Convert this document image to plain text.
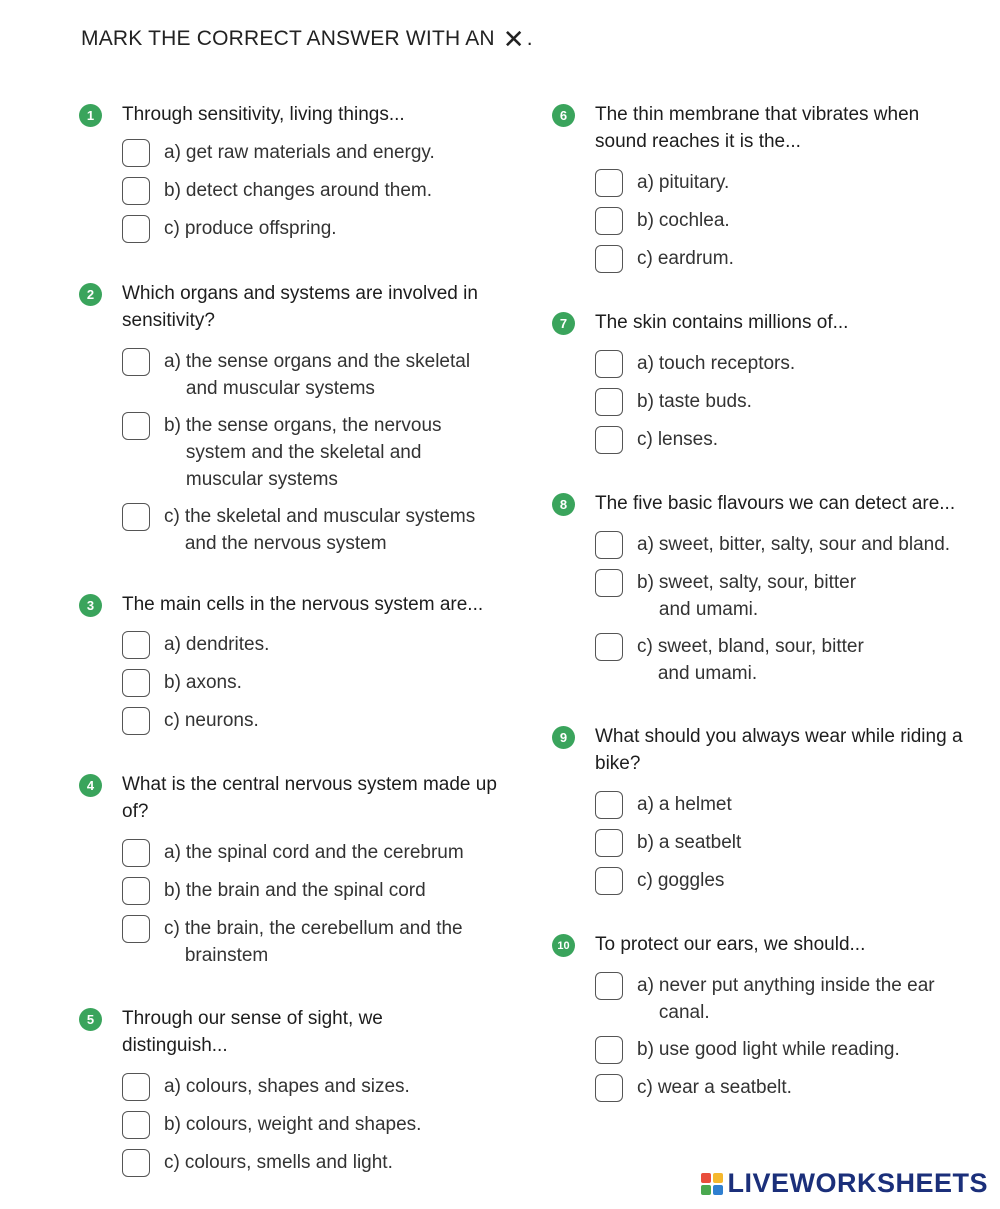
MARK THE CORRECT ANSWER WITH AN ✕ .
1	Through sensitivity, living things...
a) get raw materials and energy.
b) detect changes around them.
c) produce offspring.
2	Which organs and systems are involved in sensitivity?
a) the sense organs and the skeletal and muscular systems
b) the sense organs, the nervous system and the skeletal and muscular systems
c) the skeletal and muscular systems and the nervous system
3	The main cells in the nervous system are...
a) dendrites.
b) axons.
c) neurons.
4	What is the central nervous system made up of?
a) the spinal cord and the cerebrum
b) the brain and the spinal cord
c) the brain, the cerebellum and the brainstem
5	Through our sense of sight, we distinguish...
a) colours, shapes and sizes.
b) colours, weight and shapes.
c) colours, smells and light.
6	The thin membrane that vibrates when sound reaches it is the...
a) pituitary.
b) cochlea.
c) eardrum.
7	The skin contains millions of...
a) touch receptors.
b) taste buds.
c) lenses.
8	The five basic flavours we can detect are...
a) sweet, bitter, salty, sour and bland.
b) sweet, salty, sour, bitter and umami.
c) sweet, bland, sour, bitter and umami.
9	What should you always wear while riding a bike?
a) a helmet
b) a seatbelt
c) goggles
10 To protect our ears, we should...
a) never put anything inside the ear canal.
b) use good light while reading.
c) wear a seatbelt.
LIVEWORKSHEETS
